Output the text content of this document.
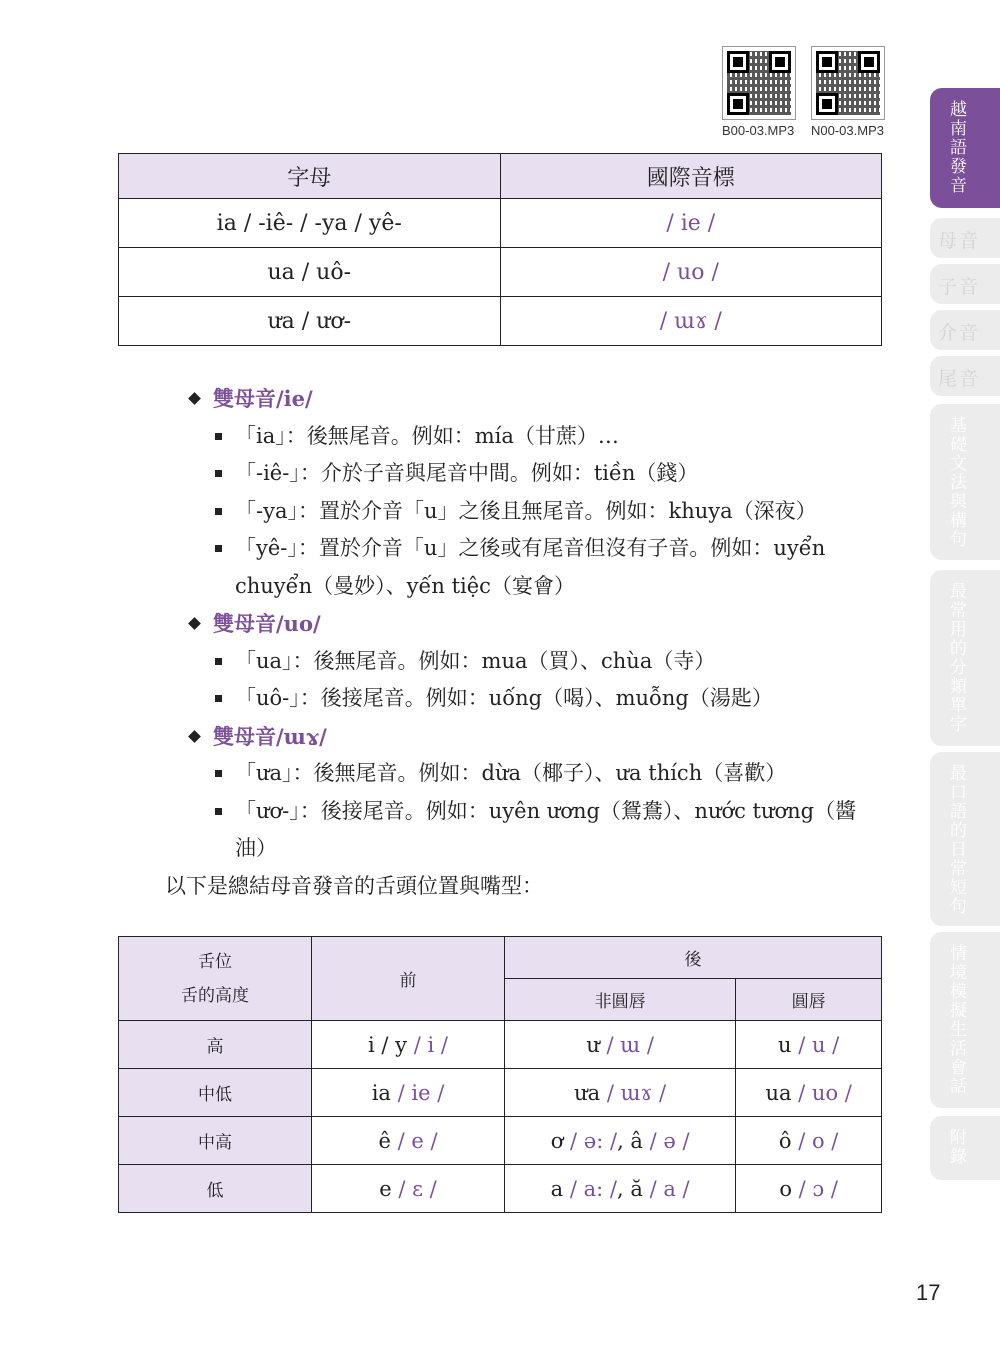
B00-03.MP3 N00-03.MP3
字母	國際音標
ia / -iê- / -ya / yê-	/ ie /
ua / uô-	/ uo /
ưa / ươ-	/ ɯɤ /
雙母音/ie/
「ia」：後無尾音。例如：mía（甘蔗）…
「-iê-」：介於子音與尾音中間。例如：tiền（錢）
「-ya」：置於介音「u」之後且無尾音。例如：khuya（深夜）
「yê-」：置於介音「u」之後或有尾音但沒有子音。例如：uyển chuyển（曼妙）、yến tiệc（宴會）
雙母音/uo/
「ua」：後無尾音。例如：mua（買）、chùa（寺）
「uô-」：後接尾音。例如：uống（喝）、muỗng（湯匙）
雙母音/ɯɤ/
「ưa」：後無尾音。例如：dừa（椰子）、ưa thích（喜歡）
「ươ-」：後接尾音。例如：uyên ương（鴛鴦）、nước tương（醬油）
以下是總結母音發音的舌頭位置與嘴型：
舌位
舌的高度	前	後	
		非圓唇	圓唇
高	i / y / i /	ư / ɯ /	u / u /
中低	ia / ie /	ưa / ɯɤ /	ua / uo /
中高	ê / e /	ơ / ə: /, â / ə /	ô / o /
低	e / ɛ /	a / a: /, ă / a /	o / ɔ /
越南語發音
母音
子音
介音
尾音
基礎文法與構句
最常用的分類單字
最口語的日常短句
情境模擬生活會話
附錄
17
